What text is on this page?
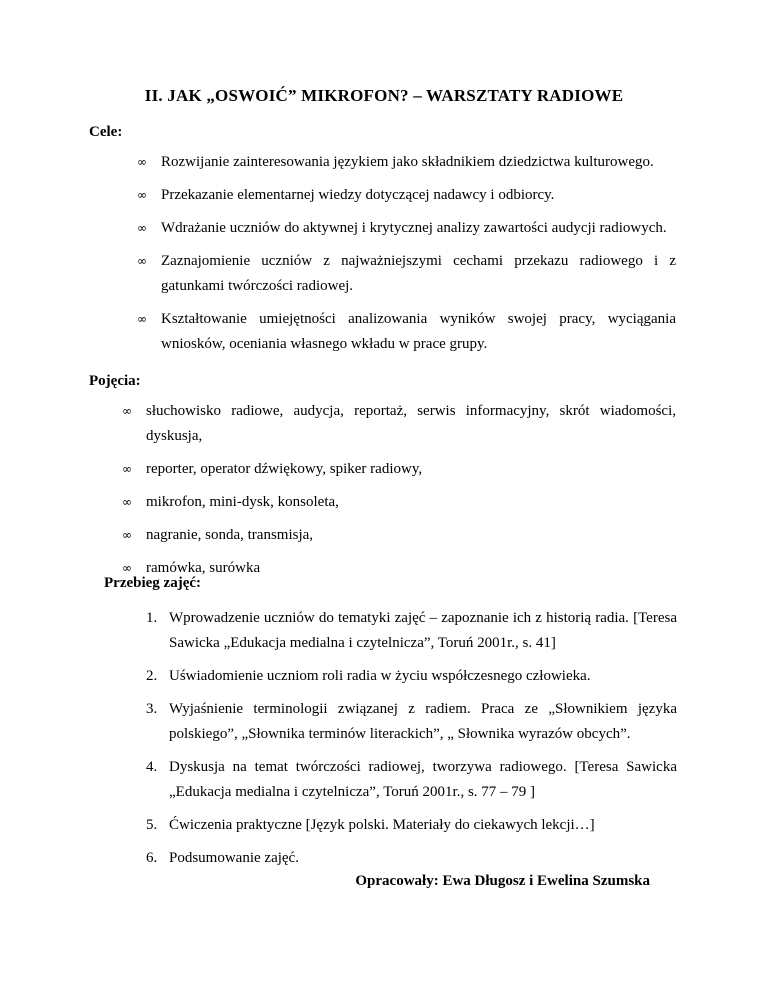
II. JAK „OSWOIĆ” MIKROFON? – WARSZTATY RADIOWE
Cele:
∞ Rozwijanie zainteresowania językiem jako składnikiem dziedzictwa kulturowego.
∞ Przekazanie elementarnej wiedzy dotyczącej nadawcy i odbiorcy.
∞ Wdrażanie uczniów do aktywnej i krytycznej analizy zawartości audycji radiowych.
∞ Zaznajomienie uczniów z najważniejszymi cechami przekazu radiowego i z gatunkami twórczości radiowej.
∞ Kształtowanie umiejętności analizowania wyników swojej pracy, wyciągania wniosków, oceniania własnego wkładu w prace grupy.
Pojęcia:
∞ słuchowisko radiowe, audycja, reportaż, serwis informacyjny, skrót wiadomości, dyskusja,
∞ reporter, operator dźwiękowy, spiker radiowy,
∞ mikrofon, mini-dysk, konsoleta,
∞ nagranie, sonda, transmisja,
∞ ramówka, surówka
Przebieg zajęć:
1. Wprowadzenie uczniów do tematyki zajęć – zapoznanie ich z historią radia. [Teresa Sawicka „Edukacja medialna i czytelnicza”, Toruń 2001r., s. 41]
2. Uświadomienie uczniom roli radia w życiu współczesnego człowieka.
3. Wyjaśnienie terminologii związanej z radiem. Praca ze „Słownikiem języka polskiego”, „Słownika terminów literackich”, „ Słownika wyrazów obcych”.
4. Dyskusja na temat twórczości radiowej, tworzywa radiowego. [Teresa Sawicka „Edukacja medialna i czytelnicza”, Toruń 2001r., s. 77 – 79 ]
5. Ćwiczenia praktyczne [Język polski. Materiały do ciekawych lekcji…]
6. Podsumowanie zajęć.
Opracowały: Ewa Długosz i Ewelina Szumska
